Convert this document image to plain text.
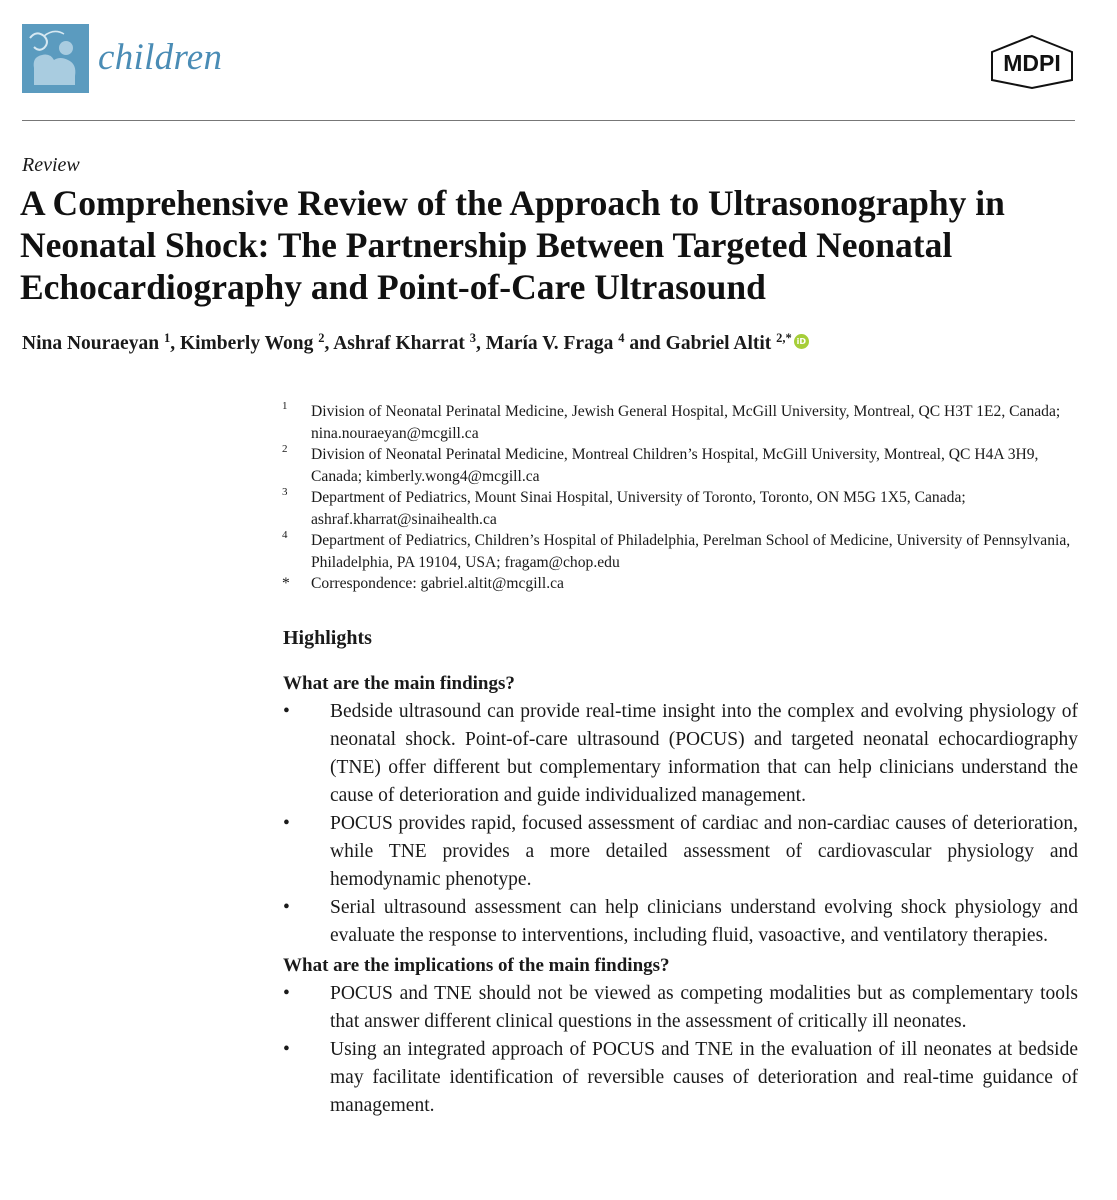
children	MDPI
Review
A Comprehensive Review of the Approach to Ultrasonography in Neonatal Shock: The Partnership Between Targeted Neonatal Echocardiography and Point-of-Care Ultrasound
Nina Nouraeyan $^1$, Kimberly Wong $^2$, Ashraf Kharrat $^3$, María V. Fraga $^4$ and Gabriel Altit $^{2,*}$ iD
1 Division of Neonatal Perinatal Medicine, Jewish General Hospital, McGill University, Montreal, QC H3T 1E2, Canada; nina.nouraeyan@mcgill.ca
2 Division of Neonatal Perinatal Medicine, Montreal Children’s Hospital, McGill University, Montreal, QC H4A 3H9, Canada; kimberly.wong4@mcgill.ca
3 Department of Pediatrics, Mount Sinai Hospital, University of Toronto, Toronto, ON M5G 1X5, Canada; ashraf.kharrat@sinaihealth.ca
4 Department of Pediatrics, Children’s Hospital of Philadelphia, Perelman School of Medicine, University of Pennsylvania, Philadelphia, PA 19104, USA; fragam@chop.edu
* Correspondence: gabriel.altit@mcgill.ca
Highlights
What are the main findings?
• Bedside ultrasound can provide real-time insight into the complex and evolving physiology of neonatal shock. Point-of-care ultrasound (POCUS) and targeted neonatal echocardiography (TNE) offer different but complementary information that can help clinicians understand the cause of deterioration and guide individualized management.
• POCUS provides rapid, focused assessment of cardiac and non-cardiac causes of deterioration, while TNE provides a more detailed assessment of cardiovascular physiology and hemodynamic phenotype.
• Serial ultrasound assessment can help clinicians understand evolving shock physiology and evaluate the response to interventions, including fluid, vasoactive, and ventilatory therapies.
What are the implications of the main findings?
• POCUS and TNE should not be viewed as competing modalities but as complementary tools that answer different clinical questions in the assessment of critically ill neonates.
• Using an integrated approach of POCUS and TNE in the evaluation of ill neonates at bedside may facilitate identification of reversible causes of deterioration and real-time guidance of management.
